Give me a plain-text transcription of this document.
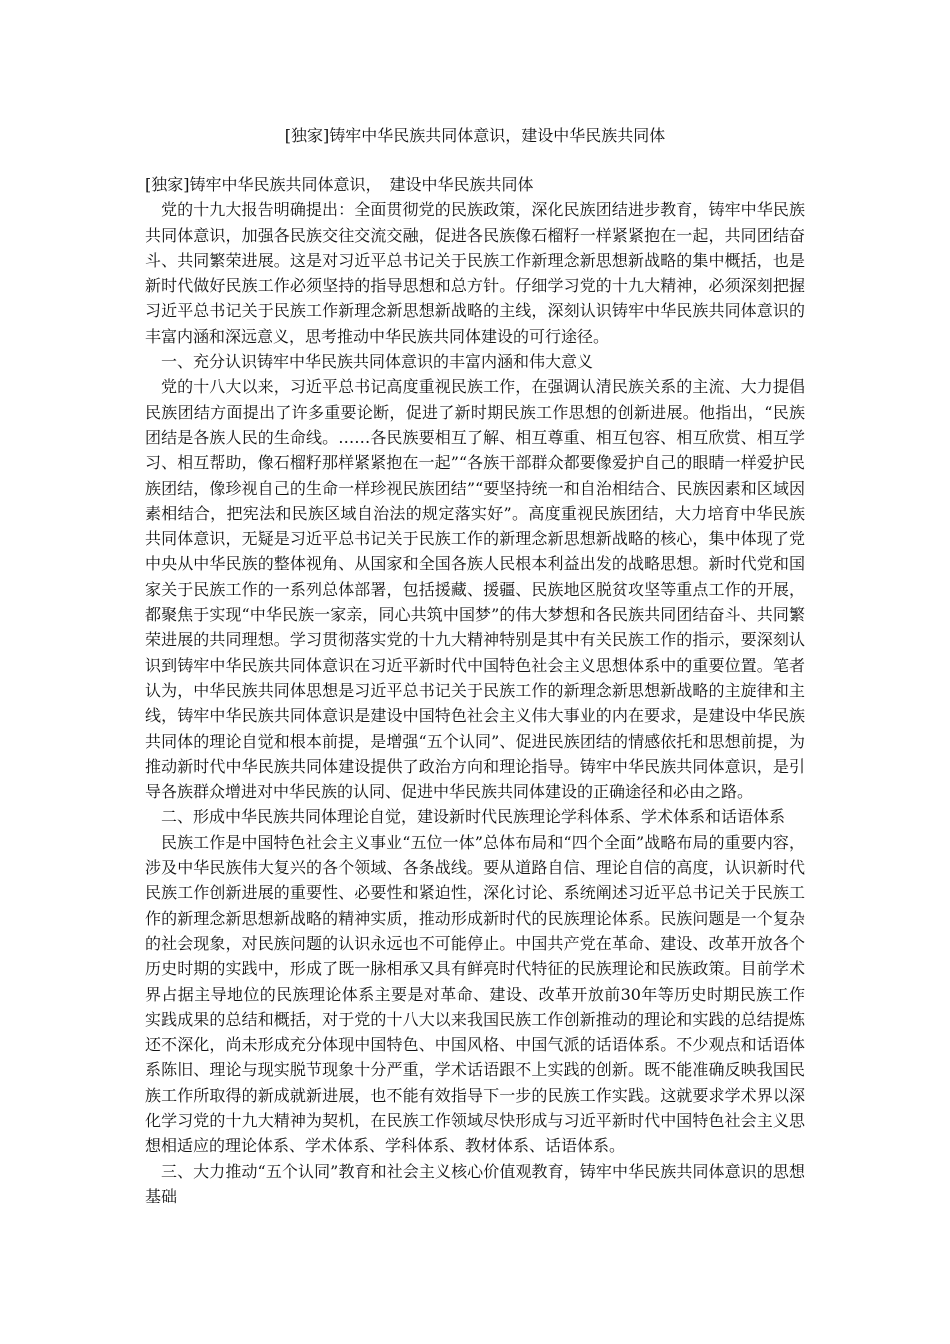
[独家]铸牢中华民族共同体意识，建设中华民族共同体

[独家]铸牢中华民族共同体意识，　建设中华民族共同体

党的十九大报告明确提出：全面贯彻党的民族政策，深化民族团结进步教育，铸牢中华民族共同体意识，加强各民族交往交流交融，促进各民族像石榴籽一样紧紧抱在一起，共同团结奋斗、共同繁荣进展。这是对习近平总书记关于民族工作新理念新思想新战略的集中概括，也是新时代做好民族工作必须坚持的指导思想和总方针。仔细学习党的十九大精神，必须深刻把握习近平总书记关于民族工作新理念新思想新战略的主线，深刻认识铸牢中华民族共同体意识的丰富内涵和深远意义，思考推动中华民族共同体建设的可行途径。

一、充分认识铸牢中华民族共同体意识的丰富内涵和伟大意义

党的十八大以来，习近平总书记高度重视民族工作，在强调认清民族关系的主流、大力提倡民族团结方面提出了许多重要论断，促进了新时期民族工作思想的创新进展。他指出，“民族团结是各族人民的生命线。……各民族要相互了解、相互尊重、相互包容、相互欣赏、相互学习、相互帮助，像石榴籽那样紧紧抱在一起”“各族干部群众都要像爱护自己的眼睛一样爱护民族团结，像珍视自己的生命一样珍视民族团结”“要坚持统一和自治相结合、民族因素和区域因素相结合，把宪法和民族区域自治法的规定落实好”。高度重视民族团结，大力培育中华民族共同体意识，无疑是习近平总书记关于民族工作的新理念新思想新战略的核心，集中体现了党中央从中华民族的整体视角、从国家和全国各族人民根本利益出发的战略思想。新时代党和国家关于民族工作的一系列总体部署，包括援藏、援疆、民族地区脱贫攻坚等重点工作的开展，都聚焦于实现“中华民族一家亲，同心共筑中国梦”的伟大梦想和各民族共同团结奋斗、共同繁荣进展的共同理想。学习贯彻落实党的十九大精神特别是其中有关民族工作的指示，要深刻认识到铸牢中华民族共同体意识在习近平新时代中国特色社会主义思想体系中的重要位置。笔者认为，中华民族共同体思想是习近平总书记关于民族工作的新理念新思想新战略的主旋律和主线，铸牢中华民族共同体意识是建设中国特色社会主义伟大事业的内在要求，是建设中华民族共同体的理论自觉和根本前提，是增强“五个认同”、促进民族团结的情感依托和思想前提，为推动新时代中华民族共同体建设提供了政治方向和理论指导。铸牢中华民族共同体意识，是引导各族群众增进对中华民族的认同、促进中华民族共同体建设的正确途径和必由之路。

二、形成中华民族共同体理论自觉，建设新时代民族理论学科体系、学术体系和话语体系

民族工作是中国特色社会主义事业“五位一体”总体布局和“四个全面”战略布局的重要内容，涉及中华民族伟大复兴的各个领域、各条战线。要从道路自信、理论自信的高度，认识新时代民族工作创新进展的重要性、必要性和紧迫性，深化讨论、系统阐述习近平总书记关于民族工作的新理念新思想新战略的精神实质，推动形成新时代的民族理论体系。民族问题是一个复杂的社会现象，对民族问题的认识永远也不可能停止。中国共产党在革命、建设、改革开放各个历史时期的实践中，形成了既一脉相承又具有鲜亮时代特征的民族理论和民族政策。目前学术界占据主导地位的民族理论体系主要是对革命、建设、改革开放前30年等历史时期民族工作实践成果的总结和概括，对于党的十八大以来我国民族工作创新推动的理论和实践的总结提炼还不深化，尚未形成充分体现中国特色、中国风格、中国气派的话语体系。不少观点和话语体系陈旧、理论与现实脱节现象十分严重，学术话语跟不上实践的创新。既不能准确反映我国民族工作所取得的新成就新进展，也不能有效指导下一步的民族工作实践。这就要求学术界以深化学习党的十九大精神为契机，在民族工作领域尽快形成与习近平新时代中国特色社会主义思想相适应的理论体系、学术体系、学科体系、教材体系、话语体系。

三、大力推动“五个认同”教育和社会主义核心价值观教育，铸牢中华民族共同体意识的思想基础
